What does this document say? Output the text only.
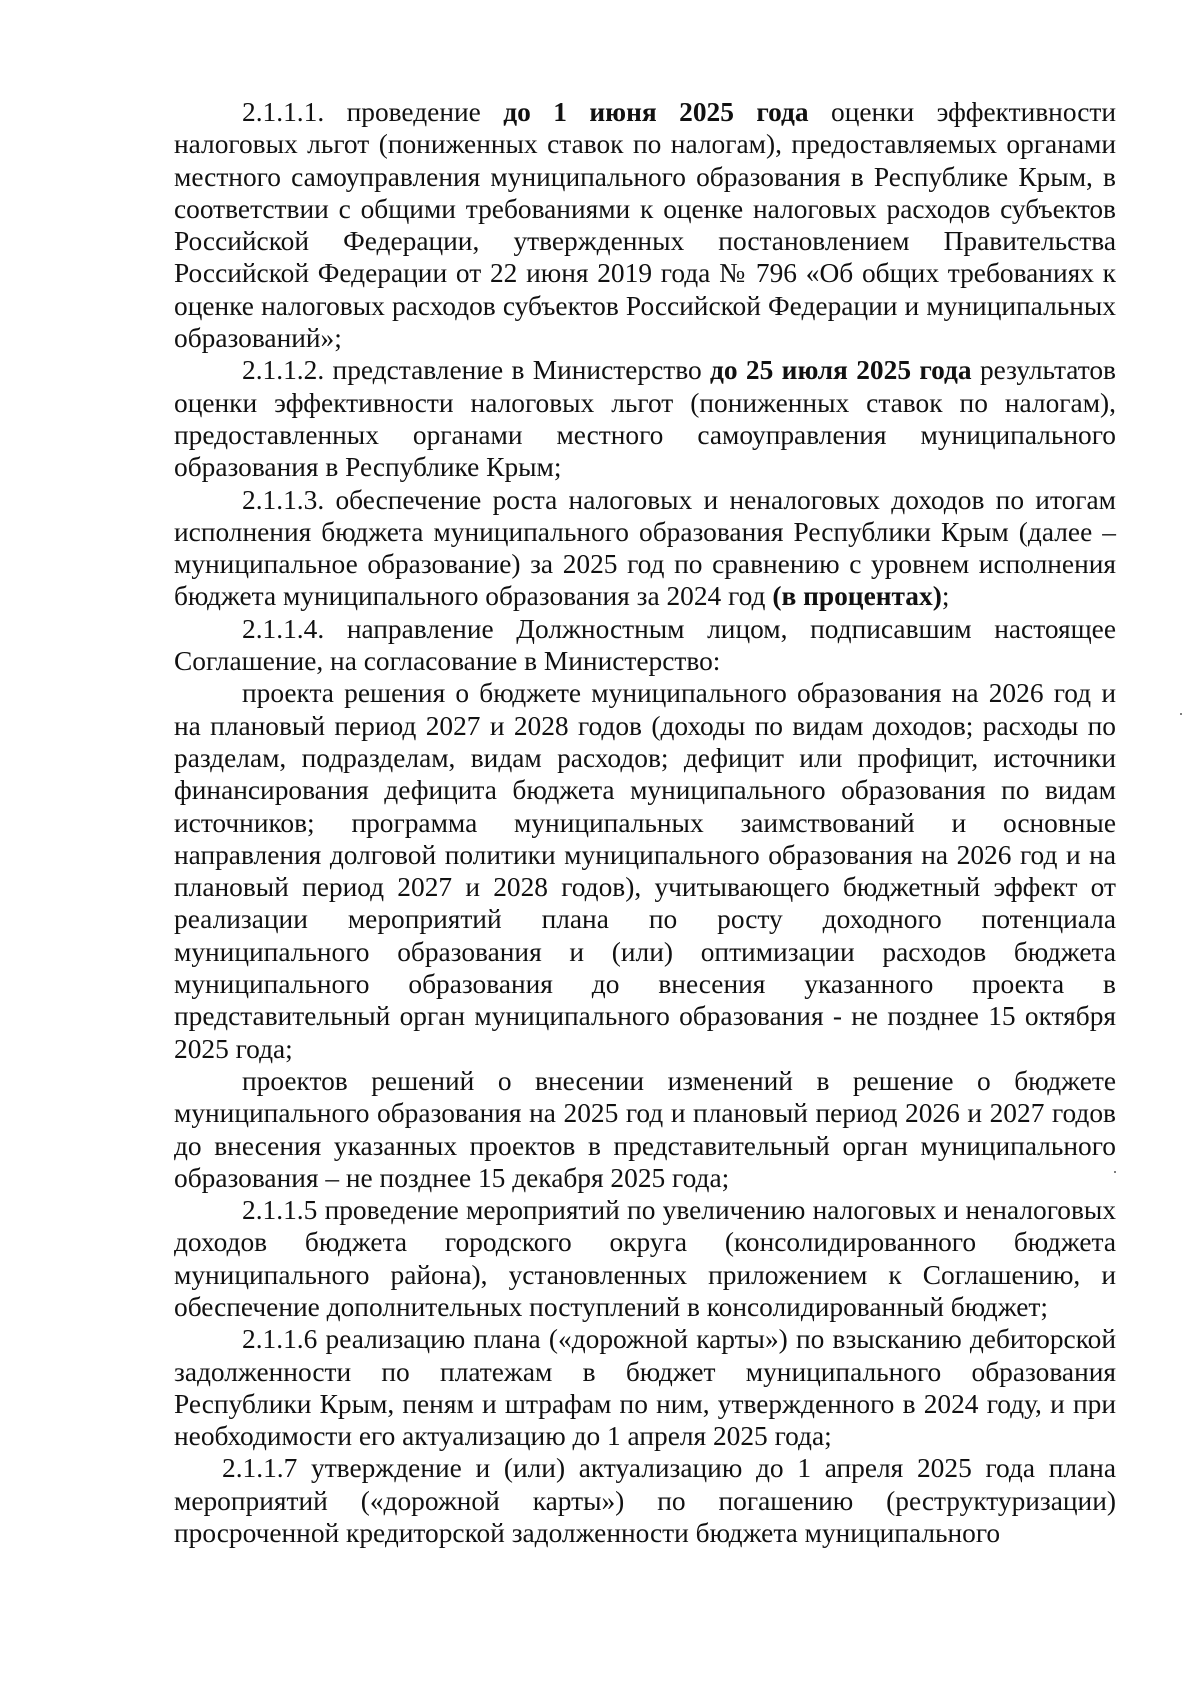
2.1.1.1. проведение до 1 июня 2025 года оценки эффективности налоговых льгот (пониженных ставок по налогам), предоставляемых органами местного самоуправления муниципального образования в Республике Крым, в соответствии с общими требованиями к оценке налоговых расходов субъектов Российской Федерации, утвержденных постановлением Правительства Российской Федерации от 22 июня 2019 года № 796 «Об общих требованиях к оценке налоговых расходов субъектов Российской Федерации и муниципальных образований»;

2.1.1.2. представление в Министерство до 25 июля 2025 года результатов оценки эффективности налоговых льгот (пониженных ставок по налогам), предоставленных органами местного самоуправления муниципального образования в Республике Крым;

2.1.1.3. обеспечение роста налоговых и неналоговых доходов по итогам исполнения бюджета муниципального образования Республики Крым (далее – муниципальное образование) за 2025 год по сравнению с уровнем исполнения бюджета муниципального образования за 2024 год (в процентах);

2.1.1.4. направление Должностным лицом, подписавшим настоящее Соглашение, на согласование в Министерство:

проекта решения о бюджете муниципального образования на 2026 год и на плановый период 2027 и 2028 годов (доходы по видам доходов; расходы по разделам, подразделам, видам расходов; дефицит или профицит, источники финансирования дефицита бюджета муниципального образования по видам источников; программа муниципальных заимствований и основные направления долговой политики муниципального образования на 2026 год и на плановый период 2027 и 2028 годов), учитывающего бюджетный эффект от реализации мероприятий плана по росту доходного потенциала муниципального образования и (или) оптимизации расходов бюджета муниципального образования до внесения указанного проекта в представительный орган муниципального образования - не позднее 15 октября 2025 года;

проектов решений о внесении изменений в решение о бюджете муниципального образования на 2025 год и плановый период 2026 и 2027 годов до внесения указанных проектов в представительный орган муниципального образования – не позднее 15 декабря 2025 года;

2.1.1.5 проведение мероприятий по увеличению налоговых и неналоговых доходов бюджета городского округа (консолидированного бюджета муниципального района), установленных приложением к Соглашению, и обеспечение дополнительных поступлений в консолидированный бюджет;

2.1.1.6 реализацию плана («дорожной карты») по взысканию дебиторской задолженности по платежам в бюджет муниципального образования Республики Крым, пеням и штрафам по ним, утвержденного в 2024 году, и при необходимости его актуализацию до 1 апреля 2025 года;

2.1.1.7 утверждение и (или) актуализацию до 1 апреля 2025 года плана мероприятий («дорожной карты») по погашению (реструктуризации) просроченной кредиторской задолженности бюджета муниципального
